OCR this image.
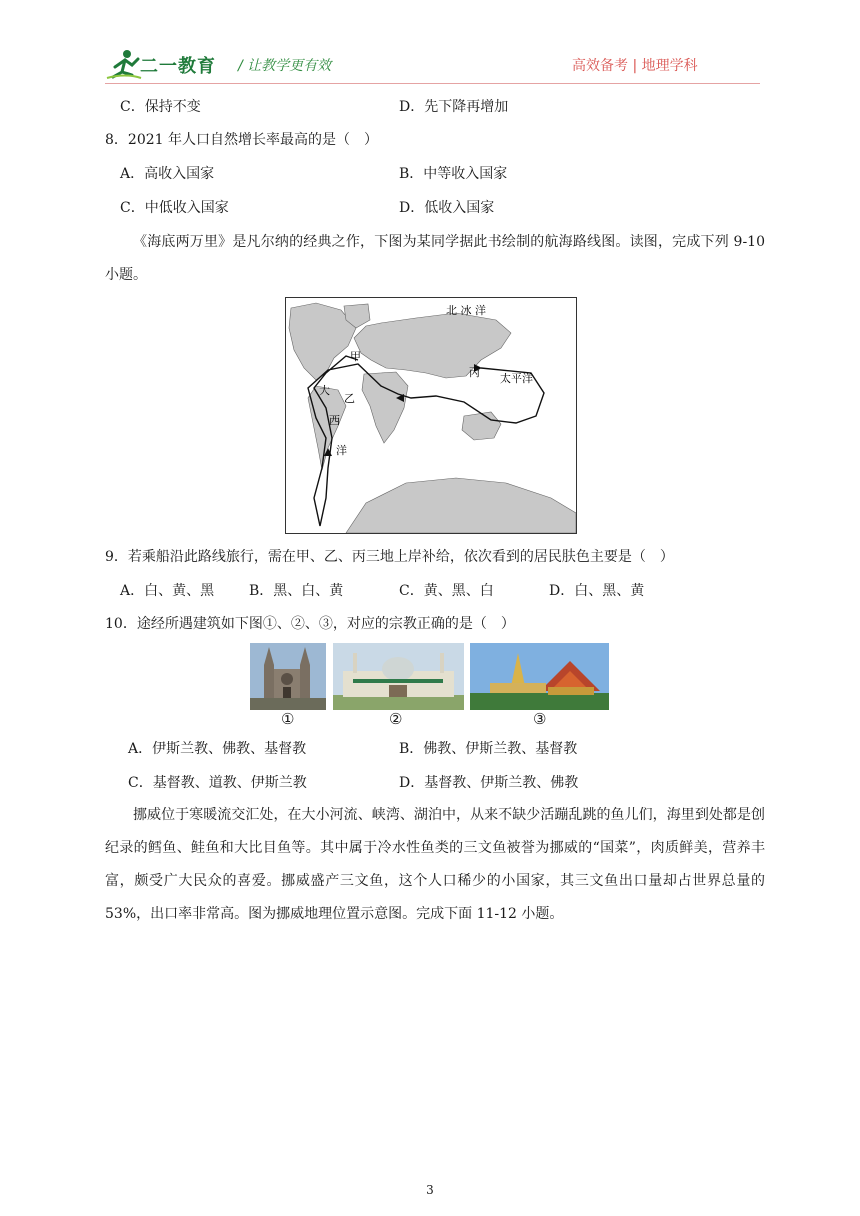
二一教育 / 让教学更有效	高效备考 | 地理学科
C．保持不变	D．先下降再增加
8．2021 年人口自然增长率最高的是（　）
A．高收入国家	B．中等收入国家
C．中低收入国家	D．低收入国家
《海底两万里》是凡尔纳的经典之作，下图为某同学据此书绘制的航海路线图。读图，完成下列 9-10 小题。
北 冰 洋
甲
乙
丙 太平洋
大
西
洋
9．若乘船沿此路线旅行，需在甲、乙、丙三地上岸补给，依次看到的居民肤色主要是（　）
A．白、黄、黑 B．黑、白、黄	C．黄、黑、白	D．白、黑、黄
10．途经所遇建筑如下图①、②、③，对应的宗教正确的是（　）
①	②	③
A．伊斯兰教、佛教、基督教	B．佛教、伊斯兰教、基督教
C．基督教、道教、伊斯兰教	D．基督教、伊斯兰教、佛教
挪威位于寒暖流交汇处，在大小河流、峡湾、湖泊中，从来不缺少活蹦乱跳的鱼儿们，海里到处都是创纪录的鳕鱼、鲑鱼和大比目鱼等。其中属于冷水性鱼类的三文鱼被誉为挪威的“国菜”，肉质鲜美，营养丰富，颇受广大民众的喜爱。挪威盛产三文鱼，这个人口稀少的小国家，其三文鱼出口量却占世界总量的 53%，出口率非常高。图为挪威地理位置示意图。完成下面 11-12 小题。
3
